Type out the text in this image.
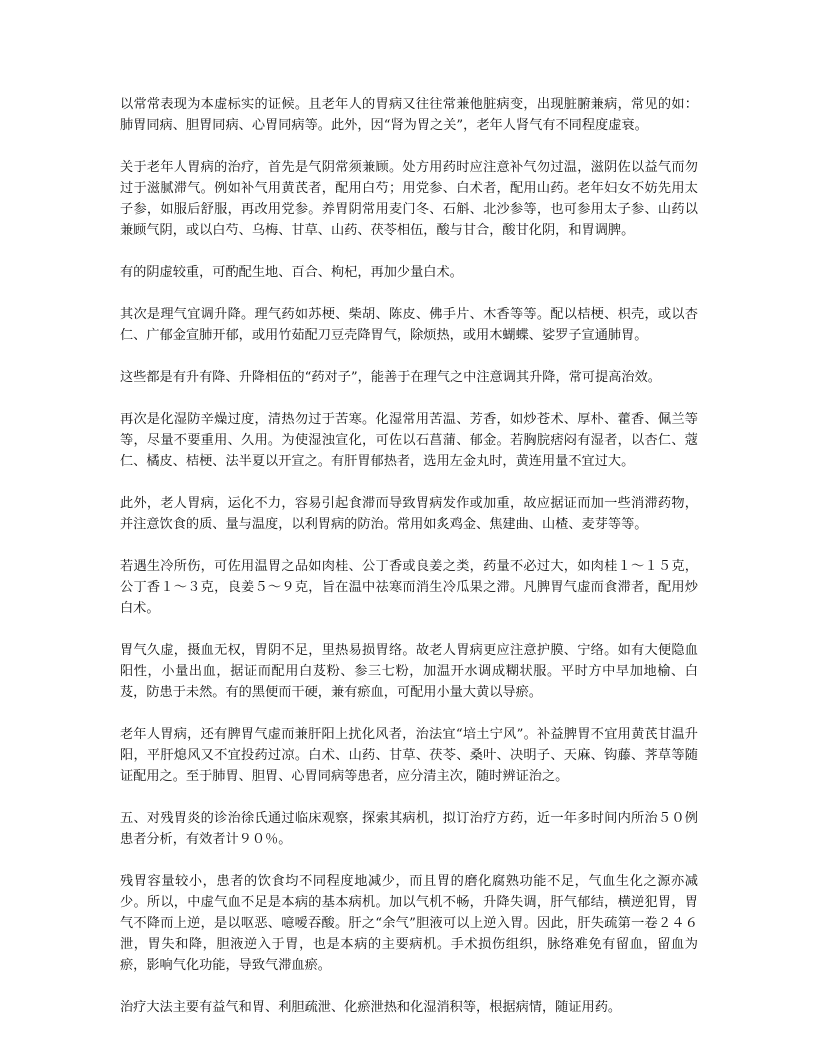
以常常表现为本虚标实的证候。且老年人的胃病又往往常兼他脏病变，出现脏腑兼病，常见的如：肺胃同病、胆胃同病、心胃同病等。此外，因“肾为胃之关”，老年人肾气有不同程度虚衰。

关于老年人胃病的治疗，首先是气阴常须兼顾。处方用药时应注意补气勿过温，滋阴佐以益气而勿过于滋腻滞气。例如补气用黄芪者，配用白芍；用党参、白术者，配用山药。老年妇女不妨先用太子参，如服后舒服，再改用党参。养胃阴常用麦门冬、石斛、北沙参等，也可参用太子参、山药以兼顾气阴，或以白芍、乌梅、甘草、山药、茯苓相伍，酸与甘合，酸甘化阴，和胃调脾。

有的阴虚较重，可酌配生地、百合、枸杞，再加少量白术。

其次是理气宜调升降。理气药如苏梗、柴胡、陈皮、佛手片、木香等等。配以桔梗、枳壳，或以杏仁、广郁金宣肺开郁，或用竹茹配刀豆壳降胃气，除烦热，或用木蝴蝶、娑罗子宣通肺胃。

这些都是有升有降、升降相伍的“药对子”，能善于在理气之中注意调其升降，常可提高治效。

再次是化湿防辛燥过度，清热勿过于苦寒。化湿常用苦温、芳香，如炒苍术、厚朴、藿香、佩兰等等，尽量不要重用、久用。为使湿浊宣化，可佐以石菖蒲、郁金。若胸脘痞闷有湿者，以杏仁、蔻仁、橘皮、桔梗、法半夏以开宣之。有肝胃郁热者，选用左金丸时，黄连用量不宜过大。

此外，老人胃病，运化不力，容易引起食滞而导致胃病发作或加重，故应据证而加一些消滞药物，并注意饮食的质、量与温度，以利胃病的防治。常用如炙鸡金、焦建曲、山楂、麦芽等等。

若遇生冷所伤，可佐用温胃之品如肉桂、公丁香或良姜之类，药量不必过大，如肉桂１～１５克，公丁香１～３克，良姜５～９克，旨在温中祛寒而消生冷瓜果之滞。凡脾胃气虚而食滞者，配用炒白术。

胃气久虚，摄血无权，胃阴不足，里热易损胃络。故老人胃病更应注意护膜、宁络。如有大便隐血阳性，小量出血，据证而配用白芨粉、参三七粉，加温开水调成糊状服。平时方中早加地榆、白芨，防患于未然。有的黑便而干硬，兼有瘀血，可配用小量大黄以导瘀。

老年人胃病，还有脾胃气虚而兼肝阳上扰化风者，治法宜“培土宁风”。补益脾胃不宜用黄芪甘温升阳，平肝熄风又不宜投药过凉。白术、山药、甘草、茯苓、桑叶、决明子、天麻、钩藤、荠草等随证配用之。至于肺胃、胆胃、心胃同病等患者，应分清主次，随时辨证治之。

五、对残胃炎的诊治徐氏通过临床观察，探索其病机，拟订治疗方药，近一年多时间内所治５０例患者分析，有效者计９０％。

残胃容量较小，患者的饮食均不同程度地减少，而且胃的磨化腐熟功能不足，气血生化之源亦减少。所以，中虚气血不足是本病的基本病机。加以气机不畅，升降失调，肝气郁结，横逆犯胃，胃气不降而上逆，是以呕恶、噫嗳吞酸。肝之“余气”胆液可以上逆入胃。因此，肝失疏第一卷２４６泄，胃失和降，胆液逆入于胃，也是本病的主要病机。手术损伤组织，脉络难免有留血，留血为瘀，影响气化功能，导致气滞血瘀。

治疗大法主要有益气和胃、利胆疏泄、化瘀泄热和化湿消积等，根据病情，随证用药。
